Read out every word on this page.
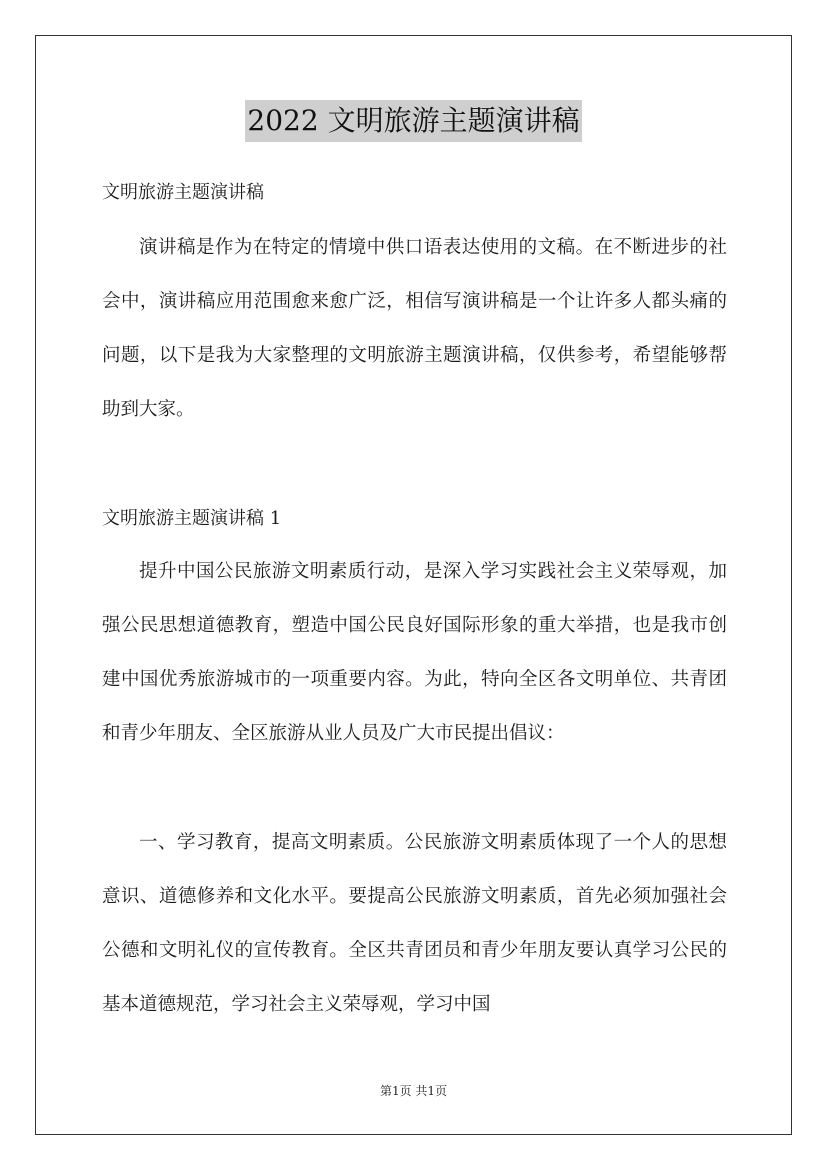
2022 文明旅游主题演讲稿
文明旅游主题演讲稿
演讲稿是作为在特定的情境中供口语表达使用的文稿。在不断进步的社会中，演讲稿应用范围愈来愈广泛，相信写演讲稿是一个让许多人都头痛的问题，以下是我为大家整理的文明旅游主题演讲稿，仅供参考，希望能够帮助到大家。
文明旅游主题演讲稿 1
提升中国公民旅游文明素质行动，是深入学习实践社会主义荣辱观，加强公民思想道德教育，塑造中国公民良好国际形象的重大举措，也是我市创建中国优秀旅游城市的一项重要内容。为此，特向全区各文明单位、共青团和青少年朋友、全区旅游从业人员及广大市民提出倡议：
一、学习教育，提高文明素质。公民旅游文明素质体现了一个人的思想意识、道德修养和文化水平。要提高公民旅游文明素质，首先必须加强社会公德和文明礼仪的宣传教育。全区共青团员和青少年朋友要认真学习公民的基本道德规范，学习社会主义荣辱观，学习中国
第1页 共1页
